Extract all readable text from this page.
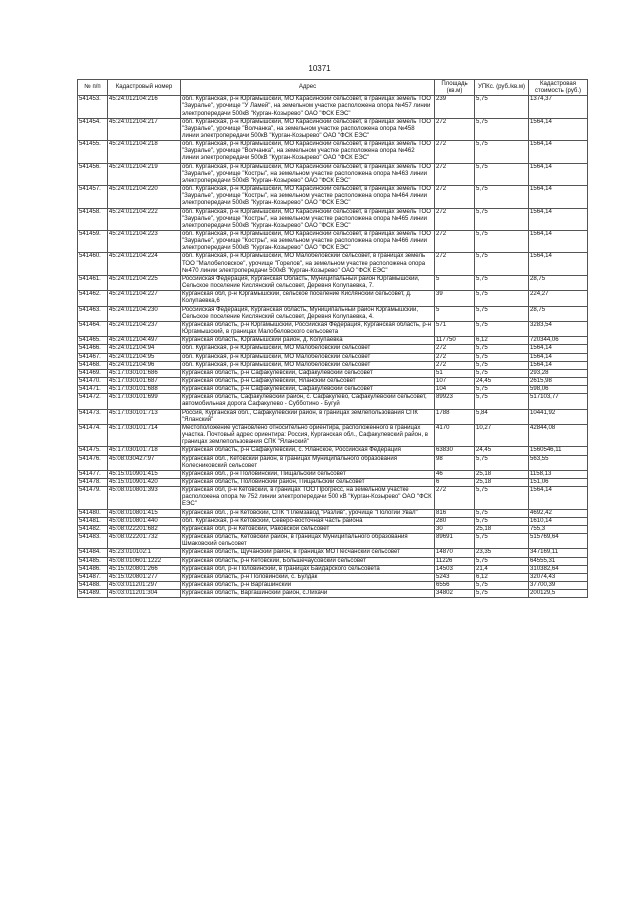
10371
№ п/п	Кадастровый номер	Адрес	Площадь (кв.м)	УПКс. (руб./кв.м)	Кадастровая стоимость (руб.)
541453.	45:24:012104:216	обл. Курганская, р-н Юргамышский, МО Карасинский сельсовет, в границах земель ТОО "Зауралье", урочище "У Ламей", на земельном участке расположена опора №457 линии электропередачи 500кВ "Курган-Козырево" ОАО "ФСК ЕЭС"	239	5,75	1374,37
541454.	45:24:012104:217	обл. Курганская, р-н Юргамышский, МО Карасинский сельсовет, в границах земель ТОО "Зауралье", урочище "Волчанка", на земельном участке расположена опора №458 линии электропередачи 500кВ "Курган-Козырево" ОАО "ФСК ЕЭС"	272	5,75	1564,14
541455.	45:24:012104:218	обл. Курганская, р-н Юргамышский, МО Карасинский сельсовет, в границах земель ТОО "Зауралье", урочище "Волчанка", на земельном участке расположена опора №462 линии электропередачи 500кВ "Курган-Козырево" ОАО "ФСК ЕЭС"	272	5,75	1564,14
541456.	45:24:012104:219	обл. Курганская, р-н Юргамышский, МО Карасинский сельсовет, в границах земель ТОО "Зауралье", урочище "Костры", на земельном участке расположена опора №463 линии электропередачи 500кВ "Курган-Козырево" ОАО "ФСК ЕЭС"	272	5,75	1564,14
541457.	45:24:012104:220	обл. Курганская, р-н Юргамышский, МО Карасинский сельсовет, в границах земель ТОО "Зауралье", урочище "Костры", на земельном участке расположена опора №464 линии электропередачи 500кВ "Курган-Козырево" ОАО "ФСК ЕЭС"	272	5,75	1564,14
541458.	45:24:012104:222	обл. Курганская, р-н Юргамышский, МО Карасинский сельсовет, в границах земель ТОО "Зауралье", урочище "Костры", на земельном участке расположена опора №465 линии электропередачи 500кВ "Курган-Козырево" ОАО "ФСК ЕЭС"	272	5,75	1564,14
541459.	45:24:012104:223	обл. Курганская, р-н Юргамышский, МО Карасинский сельсовет, в границах земель ТОО "Зауралье", урочище "Костры", на земельном участке расположена опора №466 линии электропередачи 500кВ "Курган-Козырево" ОАО "ФСК ЕЭС"	272	5,75	1564,14
541460.	45:24:012104:224	обл. Курганская, р-н Юргамышский, МО Малобеловский сельсовет, в границах земель ТОО "Малобеловское", урочище "Горелов", на земельном участке расположена опора №470 линии электропередачи 500кВ "Курган-Козырево" ОАО "ФСК ЕЭС"	272	5,75	1564,14
541461.	45:24:012104:225	Российская Федерация, Курганская Область, Муниципальный район Юргамышский, Сельское поселение Кислянский сельсовет, Деревня Колупаевка, 7.	5	5,75	28,75
541462.	45:24:012104:227	Курганская обл, р-н Юргамышский, сельское поселение Кислянский сельсовет, д. Колупаевка,6	39	5,75	224,27
541463.	45:24:012104:230	Российская Федерация, Курганская область, Муниципальный район Юргамышский, Сельское поселение Кислянский сельсовет, Деревня Колупаевка, 4.	5	5,75	28,75
541464.	45:24:012104:237	Курганская область, р-н Юргамышский, Российская Федерация, Курганская область, р-н Юргамышский, в границах Малобеловского сельсовета	571	5,75	3283,54
541465.	45:24:012104:497	Курганская область, Юргамышский район, д. Колупаевка	117750	6,12	720344,06
541466.	45:24:012104:94	обл. Курганская, р-н Юргамышский, МО Малобеловский сельсовет	272	5,75	1564,14
541467.	45:24:012104:95	обл. Курганская, р-н Юргамышский, МО Малобеловский сельсовет	272	5,75	1564,14
541468.	45:24:012104:96	обл. Курганская, р-н Юргамышский, МО Малобеловский сельсовет	272	5,75	1564,14
541469.	45:17:030101:686	Курганская область, р-н Сафакулевский, Сафакулевский сельсовет	51	5,75	293,28
541470.	45:17:030101:687	Курганская область, р-н Сафакулевский, Яланский сельсовет	107	24,45	2615,98
541471.	45:17:030101:688	Курганская область, р-н Сафакулевский, Сафакулевский сельсовет	104	5,75	598,06
541472.	45:17:030101:699	Курганская область, Сафакулевский район, с. Сафакулево, Сафакулевский сельсовет, автомобильная дорога Сафакулево - Субботино - Бугуй	89923	5,75	517103,77
541473.	45:17:030101:713	Россия, Курганская обл., Сафакулевский район, в границах землепользования СПК "Яланский"	1788	5,84	10441,92
541474.	45:17:030101:714	Местоположение установлено относительно ориентира, расположенного в границах участка. Почтовый адрес ориентира: Россия, Курганская обл., Сафакулевский район, в границах землепользования СПК "Яланский"	4170	10,27	42844,08
541475.	45:17:030101:718	Курганская область, р-н Сафакулевский, с. Яланское, Российская Федерация	63830	24,45	1560546,11
541476.	45:08:030427:97	Курганская обл., Кетовский район, в границах Муниципального образования Колесниковский сельсовет	98	5,75	563,55
541477.	45:15:010901:415	Курганская обл., р-н Половинский, Пищальский сельсовет	46	25,18	1158,13
541478.	45:15:010901:420	Курганская область, Половинский район, Пищальский сельсовет	6	25,18	151,06
541479.	45:08:010801:393	Курганская обл, р-н Кетовский, в границах ТОО Прогресс, на земельном участке расположена опора № 752 линии электропередачи 500 кВ "Курган-Козырево" ОАО "ФСК ЕЭС"	272	5,75	1564,14
541480.	45:08:010801:415	Курганская обл., р-н Кетовский, СПК "Племзавод "Разлив", урочище "Пологий Увал"	816	5,75	4692,42
541481.	45:08:010801:440	обл. Курганская, р-н Кетовский, Северо-восточная часть района	280	5,75	1610,14
541482.	45:08:022201:682	Курганская обл, р-н Кетовский, Раковской сельсовет	30	25,18	755,3
541483.	45:08:022201:732	Курганская область, Кетовский район, в границах Муниципального образования Шмаковский сельсовет	89691	5,75	515769,64
541484.	45:23:010102:1	Курганская область, Щучанский район, в границах МО Песчанский сельсовет	14870	23,35	347169,11
541485.	45:08:010601:1222	Курганская область, р-н Кетовский, Большечаусовский сельсовет	11226	5,75	64555,31
541486.	45:15:020801:266	Курганская обл, р-н Половинский, в границах Байдарского сельсовета	14503	21,4	310382,64
541487.	45:15:020801:277	Курганская область, р-н Половинский, с. Булдак	5243	6,12	32074,43
541488.	45:03:011201:297	Курганская область, р-н Варгашинский	6556	5,75	37700,39
541489.	45:03:011201:304	Курганская область, Варгашинский район, с.Лихачи	34802	5,75	200129,5
